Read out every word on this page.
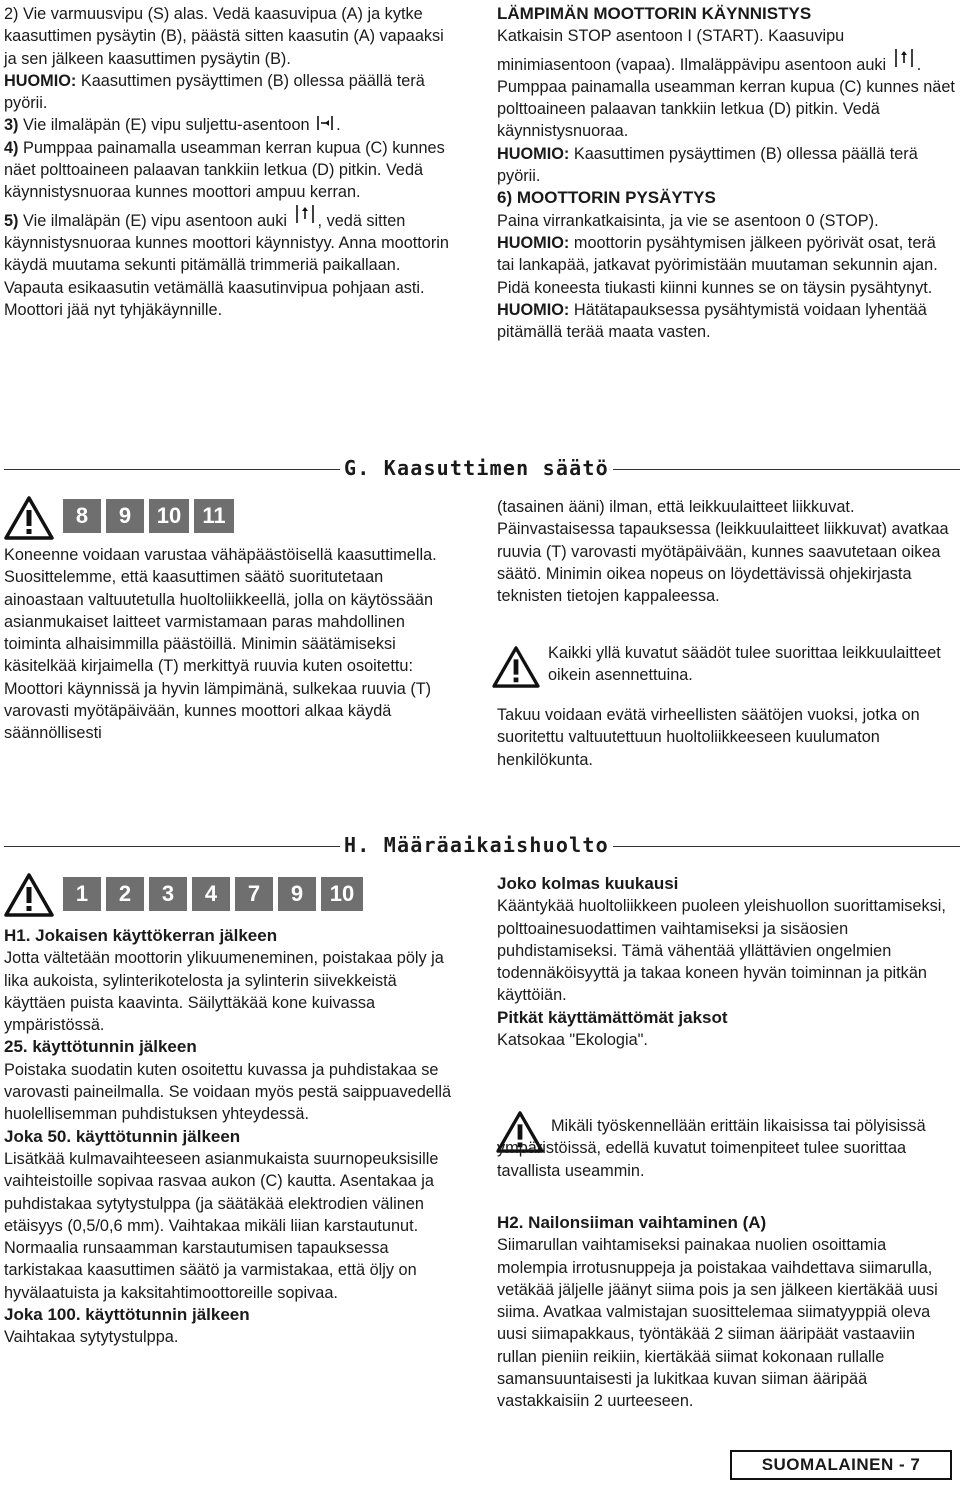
2) Vie varmuusvipu (S) alas. Vedä kaasuvipua (A) ja kytke kaasuttimen pysäytin (B), päästä sitten kaasutin (A) vapaaksi ja sen jälkeen kaasuttimen pysäytin (B).

HUOMIO: Kaasuttimen pysäyttimen (B) ollessa päällä terä pyörii.

3) Vie ilmaläpän (E) vipu suljettu-asentoon .

4) Pumppaa painamalla useamman kerran kupua (C) kunnes näet polttoaineen palaavan tankkiin letkua (D) pitkin. Vedä käynnistysnuoraa kunnes moottori ampuu kerran.

5) Vie ilmaläpän (E) vipu asentoon auki , vedä sitten käynnistysnuoraa kunnes moottori käynnistyy. Anna moottorin käydä muutama sekunti pitämällä trimmeriä paikallaan. Vapauta esikaasutin vetämällä kaasutinvipua pohjaan asti. Moottori jää nyt tyhjäkäynnille.

LÄMPIMÄN MOOTTORIN KÄYNNISTYS

Katkaisin STOP asentoon I (START). Kaasuvipu minimiasentoon (vapaa). Ilmaläppävipu asentoon auki . Pumppaa painamalla useamman kerran kupua (C) kunnes näet polttoaineen palaavan tankkiin letkua (D) pitkin. Vedä käynnistysnuoraa.

HUOMIO: Kaasuttimen pysäyttimen (B) ollessa päällä terä pyörii.

6) MOOTTORIN PYSÄYTYS

Paina virrankatkaisinta, ja vie se asentoon 0 (STOP).

HUOMIO: moottorin pysähtymisen jälkeen pyörivät osat, terä tai lankapää, jatkavat pyörimistään muutaman sekunnin ajan. Pidä koneesta tiukasti kiinni kunnes se on täysin pysähtynyt.

HUOMIO: Hätätapauksessa pysähtymistä voidaan lyhentää pitämällä terää maata vasten.

G. Kaasuttimen säätö
8	9	10 11

Koneenne voidaan varustaa vähäpäästöisellä kaasuttimella. Suosittelemme, että kaasuttimen säätö suoritutetaan ainoastaan valtuutetulla huoltoliikkeellä, jolla on käytössään asianmukaiset laitteet varmistamaan paras mahdollinen toiminta alhaisimmilla päästöillä. Minimin säätämiseksi käsitelkää kirjaimella (T) merkittyä ruuvia kuten osoitettu: Moottori käynnissä ja hyvin lämpimänä, sulkekaa ruuvia (T) varovasti myötäpäivään, kunnes moottori alkaa käydä säännöllisesti

(tasainen ääni) ilman, että leikkuulaitteet liikkuvat. Päinvastaisessa tapauksessa (leikkuulaitteet liikkuvat) avatkaa ruuvia (T) varovasti myötäpäivään, kunnes saavutetaan oikea säätö. Minimin oikea nopeus on löydettävissä ohjekirjasta teknisten tietojen kappaleessa.

Kaikki yllä kuvatut säädöt tulee suorittaa leikkuulaitteet oikein asennettuina.

Takuu voidaan evätä virheellisten säätöjen vuoksi, jotka on suoritettu valtuutettuun huoltoliikkeeseen kuulumaton henkilökunta.

H. Määräaikaishuolto
1	2	3	4	7	9	10

H1. Jokaisen käyttökerran jälkeen

Jotta vältetään moottorin ylikuumeneminen, poistakaa pöly ja lika aukoista, sylinterikotelosta ja sylinterin siivekkeistä käyttäen puista kaavinta. Säilyttäkää kone kuivassa ympäristössä.

25. käyttötunnin jälkeen

Poistaka suodatin kuten osoitettu kuvassa ja puhdistakaa se varovasti paineilmalla. Se voidaan myös pestä saippuavedellä huolellisemman puhdistuksen yhteydessä.

Joka 50. käyttötunnin jälkeen

Lisätkää kulmavaihteeseen asianmukaista suurnopeuksisille vaihteistoille sopivaa rasvaa aukon (C) kautta. Asentakaa ja puhdistakaa sytytystulppa (ja säätäkää elektrodien välinen etäisyys (0,5/0,6 mm). Vaihtakaa mikäli liian karstautunut. Normaalia runsaamman karstautumisen tapauksessa tarkistakaa kaasuttimen säätö ja varmistakaa, että öljy on hyvälaatuista ja kaksitahtimoottoreille sopivaa.

Joka 100. käyttötunnin jälkeen

Vaihtakaa sytytystulppa.

Joko kolmas kuukausi

Kääntykää huoltoliikkeen puoleen yleishuollon suorittamiseksi, polttoainesuodattimen vaihtamiseksi ja sisäosien puhdistamiseksi. Tämä vähentää yllättävien ongelmien todennäköisyyttä ja takaa koneen hyvän toiminnan ja pitkän käyttöiän.

Pitkät käyttämättömät jaksot

Katsokaa "Ekologia".

Mikäli työskennellään erittäin likaisissa tai pölyisissä ympäristöissä, edellä kuvatut toimenpiteet tulee suorittaa tavallista useammin.

H2. Nailonsiiman vaihtaminen (A)

Siimarullan vaihtamiseksi painakaa nuolien osoittamia molempia irrotusnuppeja ja poistakaa vaihdettava siimarulla, vetäkää jäljelle jäänyt siima pois ja sen jälkeen kiertäkää uusi siima. Avatkaa valmistajan suosittelemaa siimatyyppiä oleva uusi siimapakkaus, työntäkää 2 siiman ääripäät vastaaviin rullan pieniin reikiin, kiertäkää siimat kokonaan rullalle samansuuntaisesti ja lukitkaa kuvan siiman ääripää vastakkaisiin 2 uurteeseen.

SUOMALAINEN - 7
